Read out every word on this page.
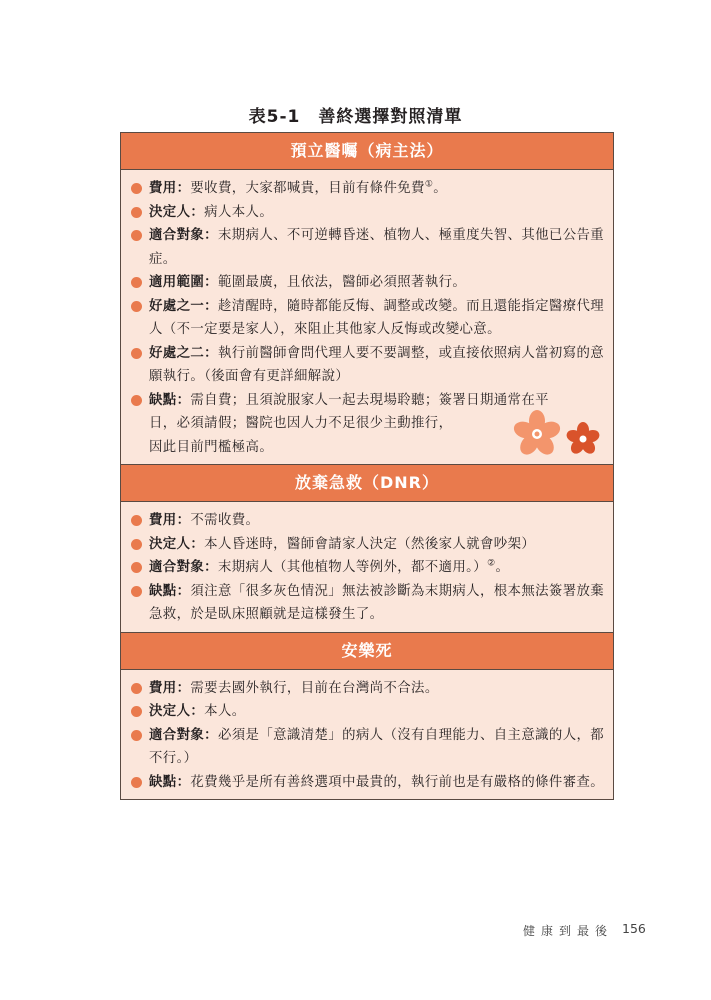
表5-1　善終選擇對照清單
預立醫囑（病主法）
費用：要收費，大家都喊貴，目前有條件免費①。
決定人：病人本人。
適合對象：末期病人、不可逆轉昏迷、植物人、極重度失智、其他已公告重症。
適用範圍：範圍最廣，且依法，醫師必須照著執行。
好處之一：趁清醒時，隨時都能反悔、調整或改變。而且還能指定醫療代理人（不一定要是家人），來阻止其他家人反悔或改變心意。
好處之二：執行前醫師會問代理人要不要調整，或直接依照病人當初寫的意願執行。（後面會有更詳細解說）
缺點：需自費；且須說服家人一起去現場聆聽；簽署日期通常在平日，必須請假；醫院也因人力不足很少主動推行，
因此目前門檻極高。
放棄急救（DNR）
費用：不需收費。
決定人：本人昏迷時，醫師會請家人決定（然後家人就會吵架）
適合對象：末期病人（其他植物人等例外，都不適用。）②。
缺點：須注意「很多灰色情況」無法被診斷為末期病人，根本無法簽署放棄急救，於是臥床照顧就是這樣發生了。
安樂死
費用：需要去國外執行，目前在台灣尚不合法。
決定人：本人。
適合對象：必須是「意識清楚」的病人（沒有自理能力、自主意識的人，都不行。）
缺點：花費幾乎是所有善終選項中最貴的，執行前也是有嚴格的條件審查。
健康到最後 156
